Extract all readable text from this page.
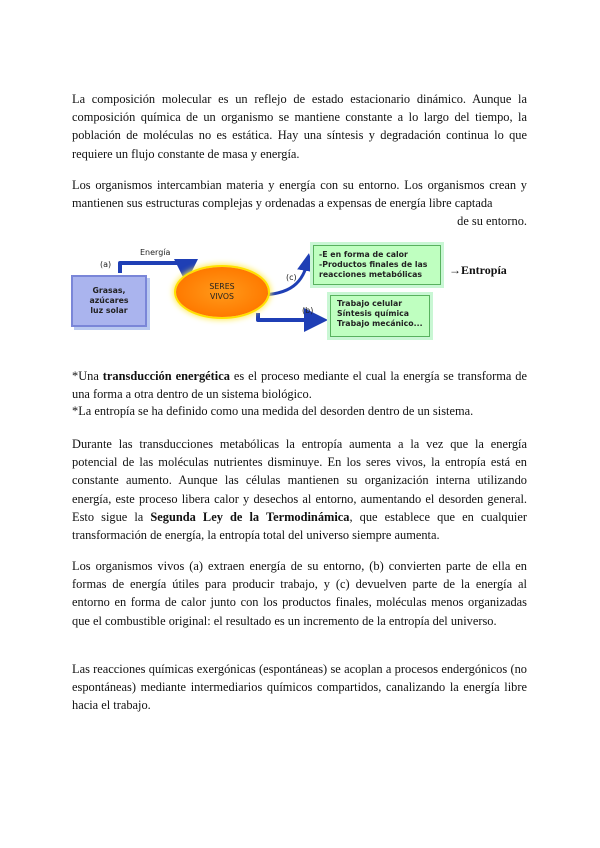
La composición molecular es un reflejo de estado estacionario dinámico. Aunque la composición química de un organismo se mantiene constante a lo largo del tiempo, la población de moléculas no es estática. Hay una síntesis y degradación continua lo que requiere un flujo constante de masa y energía.

Los organismos intercambian materia y energía con su entorno. Los organismos crean y mantienen sus estructuras complejas y ordenadas a expensas de energía libre captada
de su entorno.

(a)
Energía
Grasas,
azúcares
luz solar
SERES
VIVOS
(c)
(b)
-E en forma de calor
-Productos finales de las
reacciones metabólicas
Trabajo celular
Síntesis química
Trabajo mecánico...
→Entropía

*Una transducción energética es el proceso mediante el cual la energía se transforma de una forma a otra dentro de un sistema biológico.

*La entropía se ha definido como una medida del desorden dentro de un sistema.

Durante las transducciones metabólicas la entropía aumenta a la vez que la energía potencial de las moléculas nutrientes disminuye. En los seres vivos, la entropía está en constante aumento. Aunque las células mantienen su organización interna utilizando energía, este proceso libera calor y desechos al entorno, aumentando el desorden general. Esto sigue la Segunda Ley de la Termodinámica, que establece que en cualquier transformación de energía, la entropía total del universo siempre aumenta.

Los organismos vivos (a) extraen energía de su entorno, (b) convierten parte de ella en formas de energía útiles para producir trabajo, y (c) devuelven parte de la energía al entorno en forma de calor junto con los productos finales, moléculas menos organizadas que el combustible original: el resultado es un incremento de la entropía del universo.

Las reacciones químicas exergónicas (espontáneas) se acoplan a procesos endergónicos (no espontáneas) mediante intermediarios químicos compartidos, canalizando la energía libre hacia el trabajo.
